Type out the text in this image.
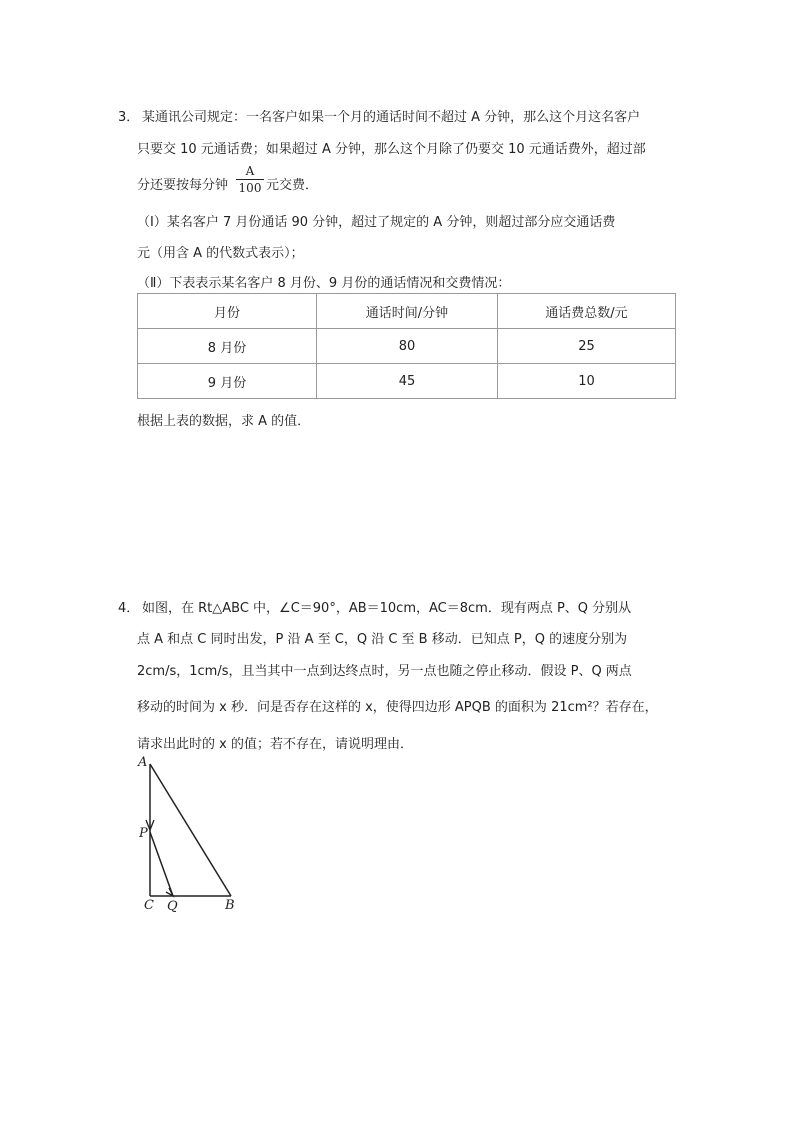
3． 某通讯公司规定：一名客户如果一个月的通话时间不超过 A 分钟，那么这个月这名客户
只要交 10 元通话费；如果超过 A 分钟，那么这个月除了仍要交 10 元通话费外，超过部
分还要按每分钟
A
100 元交费．
（Ⅰ）某名客户 7 月份通话 90 分钟，超过了规定的 A 分钟，则超过部分应交通话费
元（用含 A 的代数式表示）；
（Ⅱ）下表表示某名客户 8 月份、9 月份的通话情况和交费情况：
月份	通话时间/分钟	通话费总数/元
8 月份	80	25
9 月份	45	10
根据上表的数据，求 A 的值．
4． 如图，在 Rt△ABC 中，∠C＝90°，AB＝10cm，AC＝8cm．现有两点 P、Q 分别从
点 A 和点 C 同时出发，P 沿 A 至 C，Q 沿 C 至 B 移动．已知点 P，Q 的速度分别为
2cm/s，1cm/s，且当其中一点到达终点时，另一点也随之停止移动．假设 P、Q 两点
移动的时间为 x 秒．问是否存在这样的 x，使得四边形 APQB 的面积为 21cm²？若存在，
请求出此时的 x 的值；若不存在，请说明理由．
A
P
C Q	B
